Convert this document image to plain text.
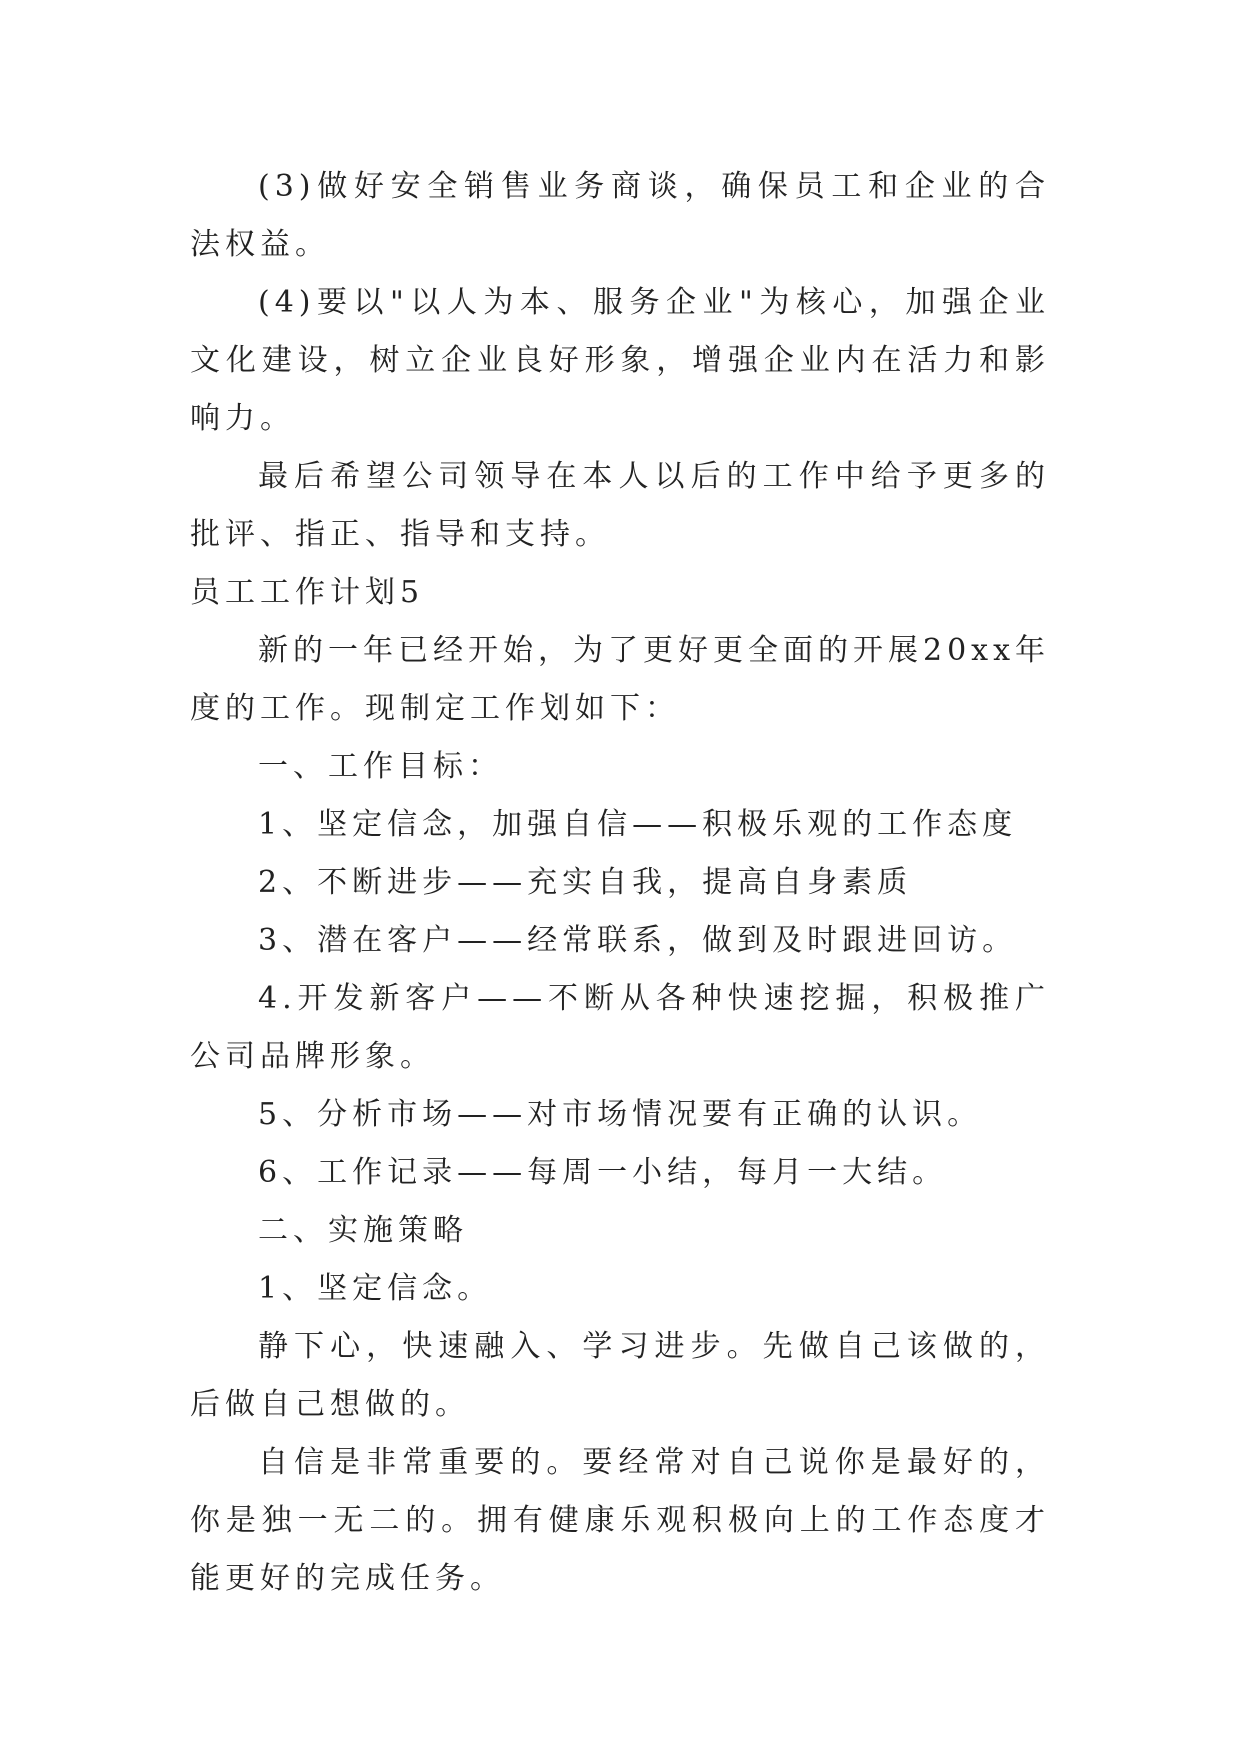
(3)做好安全销售业务商谈，确保员工和企业的合法权益。

(4)要以"以人为本、服务企业"为核心，加强企业文化建设，树立企业良好形象，增强企业内在活力和影响力。

最后希望公司领导在本人以后的工作中给予更多的批评、指正、指导和支持。

员工工作计划5

新的一年已经开始，为了更好更全面的开展20xx年度的工作。现制定工作划如下：

一、工作目标：

1、坚定信念，加强自信——积极乐观的工作态度

2、不断进步——充实自我，提高自身素质

3、潜在客户——经常联系，做到及时跟进回访。

4.开发新客户——不断从各种快速挖掘，积极推广公司品牌形象。

5、分析市场——对市场情况要有正确的认识。

6、工作记录——每周一小结，每月一大结。

二、实施策略

1、坚定信念。

静下心，快速融入、学习进步。先做自己该做的，后做自己想做的。

自信是非常重要的。要经常对自己说你是最好的，你是独一无二的。拥有健康乐观积极向上的工作态度才能更好的完成任务。
